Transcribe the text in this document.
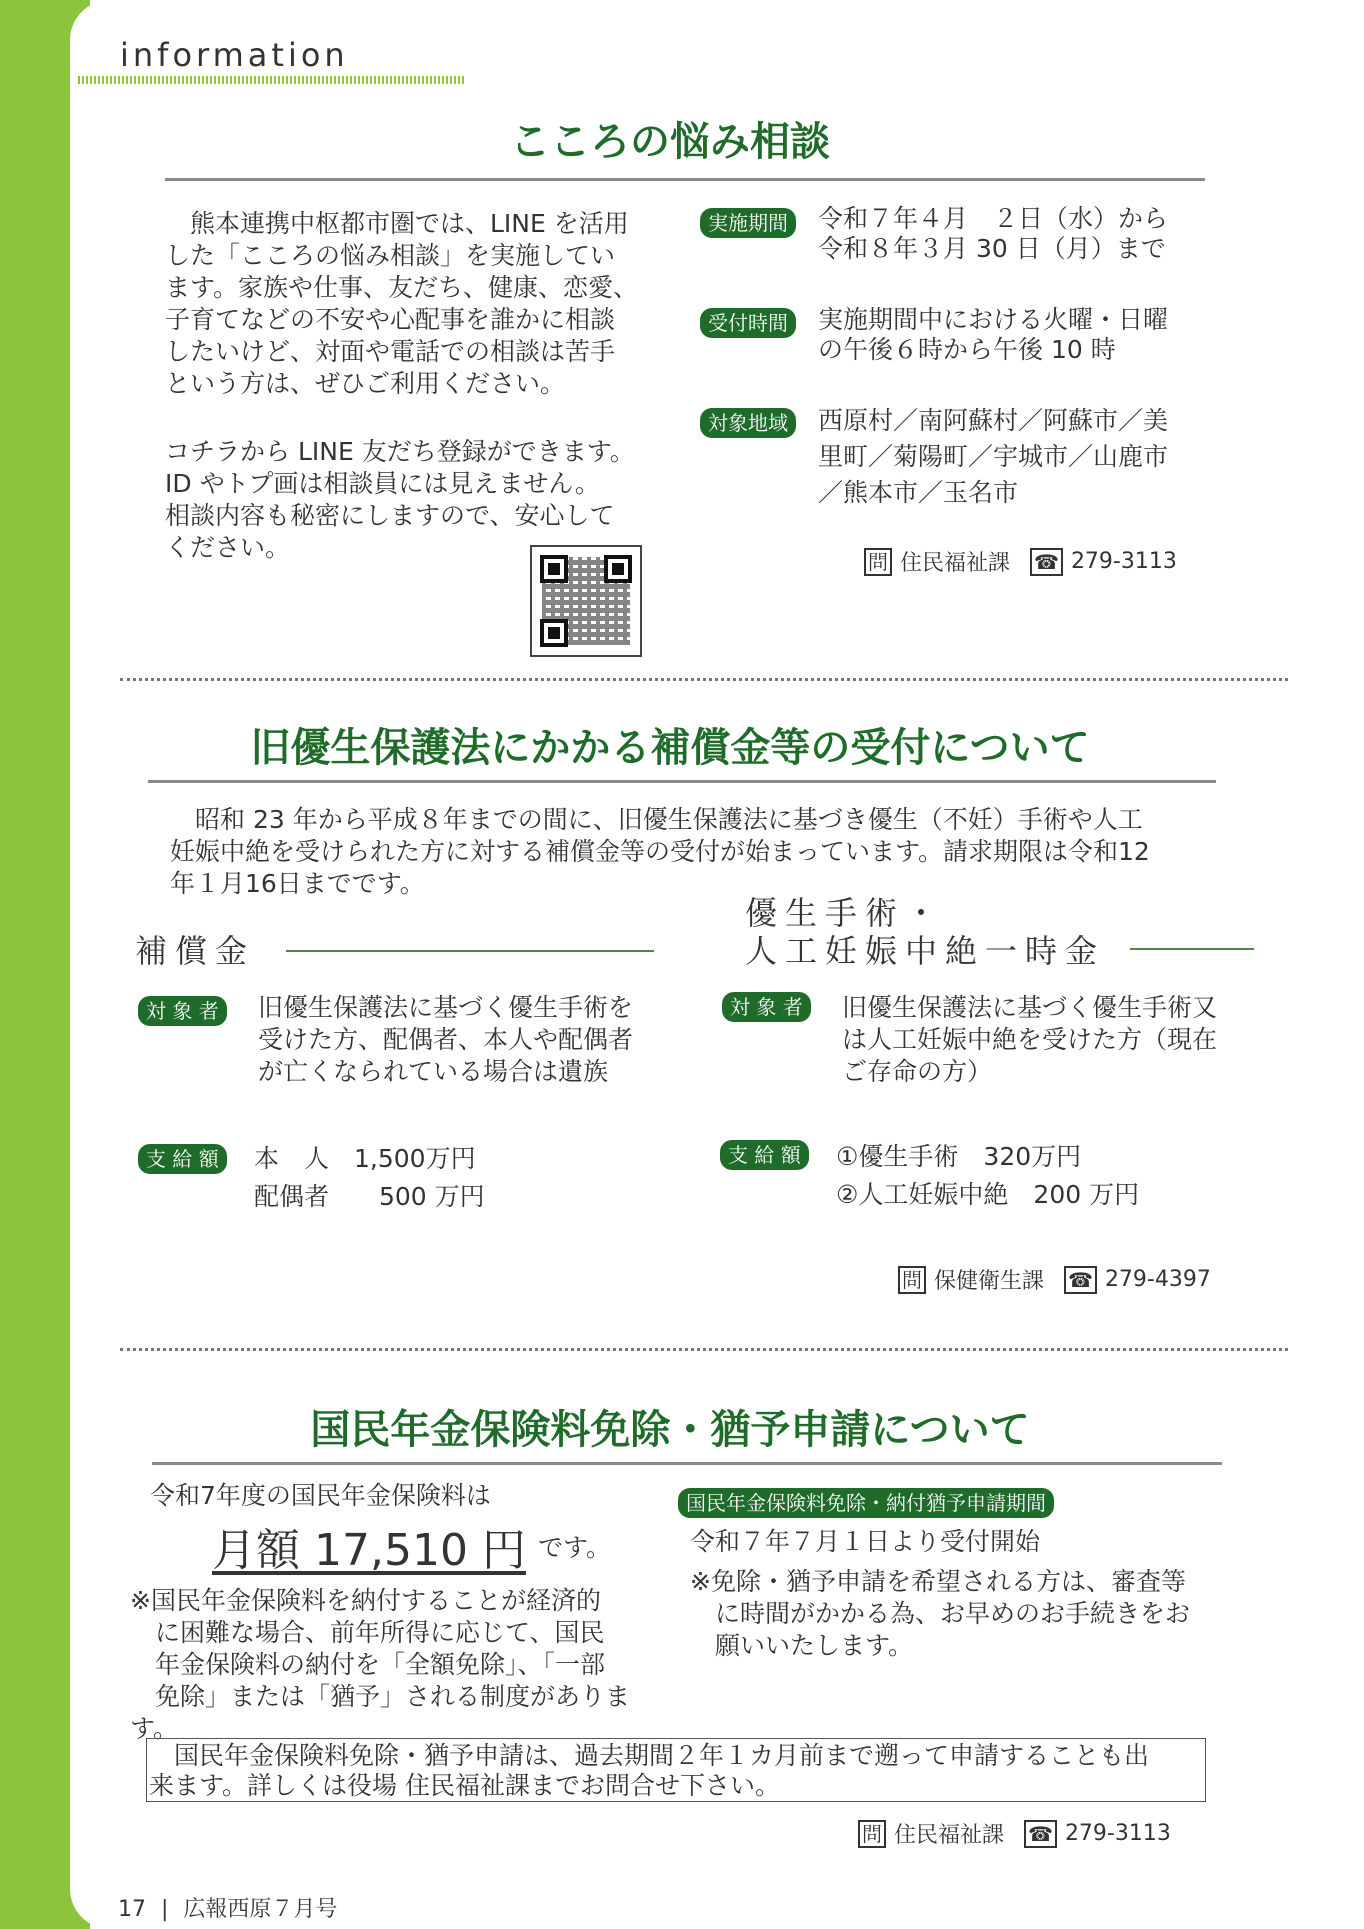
information
こころの悩み相談
　熊本連携中枢都市圏では、LINE を活用
した「こころの悩み相談」を実施してい
ます。家族や仕事、友だち、健康、恋愛、
子育てなどの不安や心配事を誰かに相談
したいけど、対面や電話での相談は苦手
という方は、ぜひご利用ください。
コチラから LINE 友だち登録ができます。
ID やトプ画は相談員には見えません。
相談内容も秘密にしますので、安心して
ください。
実施期間	令和７年４月　２日（水）から
令和８年３月 30 日（月）まで
受付時間	実施期間中における火曜・日曜
の午後６時から午後 10 時
対象地域	西原村／南阿蘇村／阿蘇市／美
里町／菊陽町／宇城市／山鹿市
／熊本市／玉名市
問 住民福祉課 ☎ 279-3113
旧優生保護法にかかる補償金等の受付について
　昭和 23 年から平成８年までの間に、旧優生保護法に基づき優生（不妊）手術や人工
妊娠中絶を受けられた方に対する補償金等の受付が始まっています。請求期限は令和12
年１月16日までです。
補償金
優生手術・
人工妊娠中絶一時金
対 象 者	旧優生保護法に基づく優生手術を
受けた方、配偶者、本人や配偶者
が亡くなられている場合は遺族
対 象 者	旧優生保護法に基づく優生手術又
は人工妊娠中絶を受けた方（現在
ご存命の方）
支 給 額	本　人　1,500万円
配偶者　　500 万円
支 給 額	①優生手術　320万円
②人工妊娠中絶　200 万円
問 保健衛生課 ☎ 279-4397
国民年金保険料免除・猶予申請について
令和7年度の国民年金保険料は
月額 17,510 円 です。
※国民年金保険料を納付することが経済的
　に困難な場合、前年所得に応じて、国民
　年金保険料の納付を「全額免除」、「一部
　免除」または「猶予」される制度があります。
国民年金保険料免除・納付猶予申請期間
令和７年７月１日より受付開始
※免除・猶予申請を希望される方は、審査等
　に時間がかかる為、お早めのお手続きをお
　願いいたします。
　国民年金保険料免除・猶予申請は、過去期間２年１カ月前まで遡って申請することも出
来ます。詳しくは役場 住民福祉課までお問合せ下さい。
問 住民福祉課 ☎ 279-3113
17 | 広報西原７月号
